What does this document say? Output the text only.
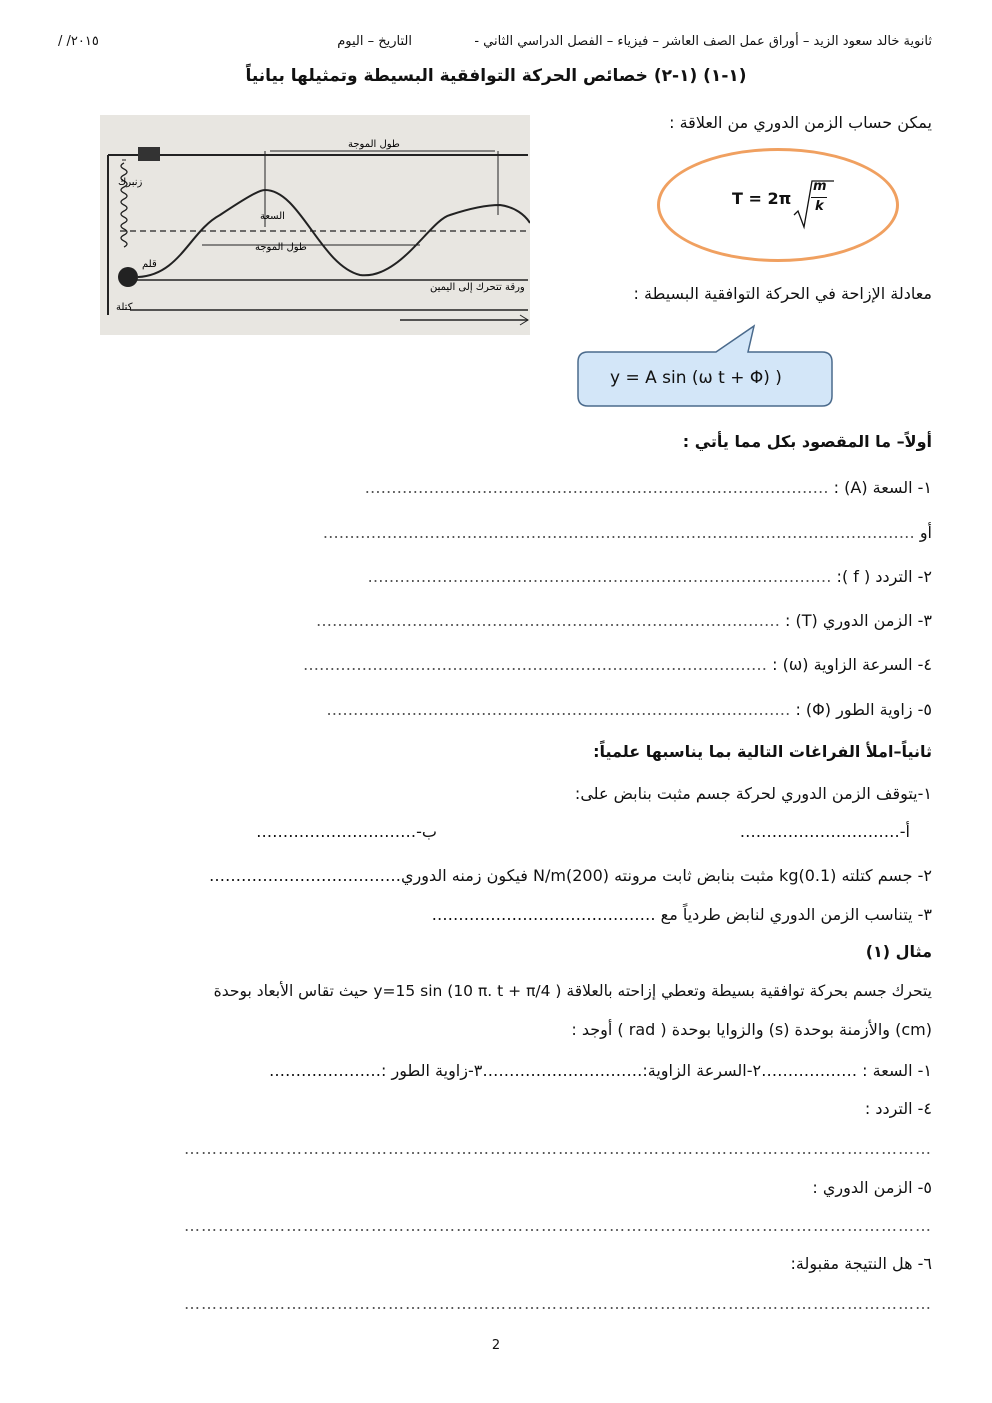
ثانوية خالد سعود الزيد – أوراق عمل الصف العاشر – فيزياء – الفصل الدراسي الثاني -
التاريخ – اليوم
٢٠١٥/ /
(١-١) (١-٢) خصائص الحركة التوافقية البسيطة وتمثيلها بيانياً
طول الموجة
السعة
طول الموجة
زنبرك
قلم
كتلة
ورقة تتحرك إلى اليمين
يمكن حساب الزمن الدوري من العلاقة :
T = 2π
m
k
معادلة الإزاحة في الحركة التوافقية البسيطة :
y = A sin (ω t + Φ) )
أولاً– ما المقصود بكل مما يأتي :
١- السعة (A) : ……………………………………………………………………………
أو …………………………………………………………………………………………………
٢- التردد ( f ): ……………………………………………………………………………
٣- الزمن الدوري (T) : ……………………………………………………………………………
٤- السرعة الزاوية (ω) : ……………………………………………………………………………
٥- زاوية الطور (Φ) : ……………………………………………………………………………
ثانياً–املأ الفراغات التالية بما يناسبها علمياً:
١-يتوقف الزمن الدوري لحركة جسم مثبت بنابض على:
أ-…………………………
ب-…………………………
٢- جسم كتلته (0.1)kg مثبت بنابض ثابت مرونته (200)N/m فيكون زمنه الدوري………………………………
٣- يتناسب الزمن الدوري لنابض طردياً مع ……………………………………
مثال (١)
يتحرك جسم بحركة توافقية بسيطة وتعطي إزاحته بالعلاقة ( y=15 sin (10 π. t + π/4 حيث تقاس الأبعاد بوحدة
(cm) والأزمنة بوحدة (s) والزوايا بوحدة ( rad ) أوجد :
١- السعة : ………………٢-السرعة الزاوية:…………………………٣-زاوية الطور :…………………
٤- التردد :
……………………………………………………………………………………………………………………
٥- الزمن الدوري :
……………………………………………………………………………………………………………………
٦- هل النتيجة مقبولة:
……………………………………………………………………………………………………………………
2
